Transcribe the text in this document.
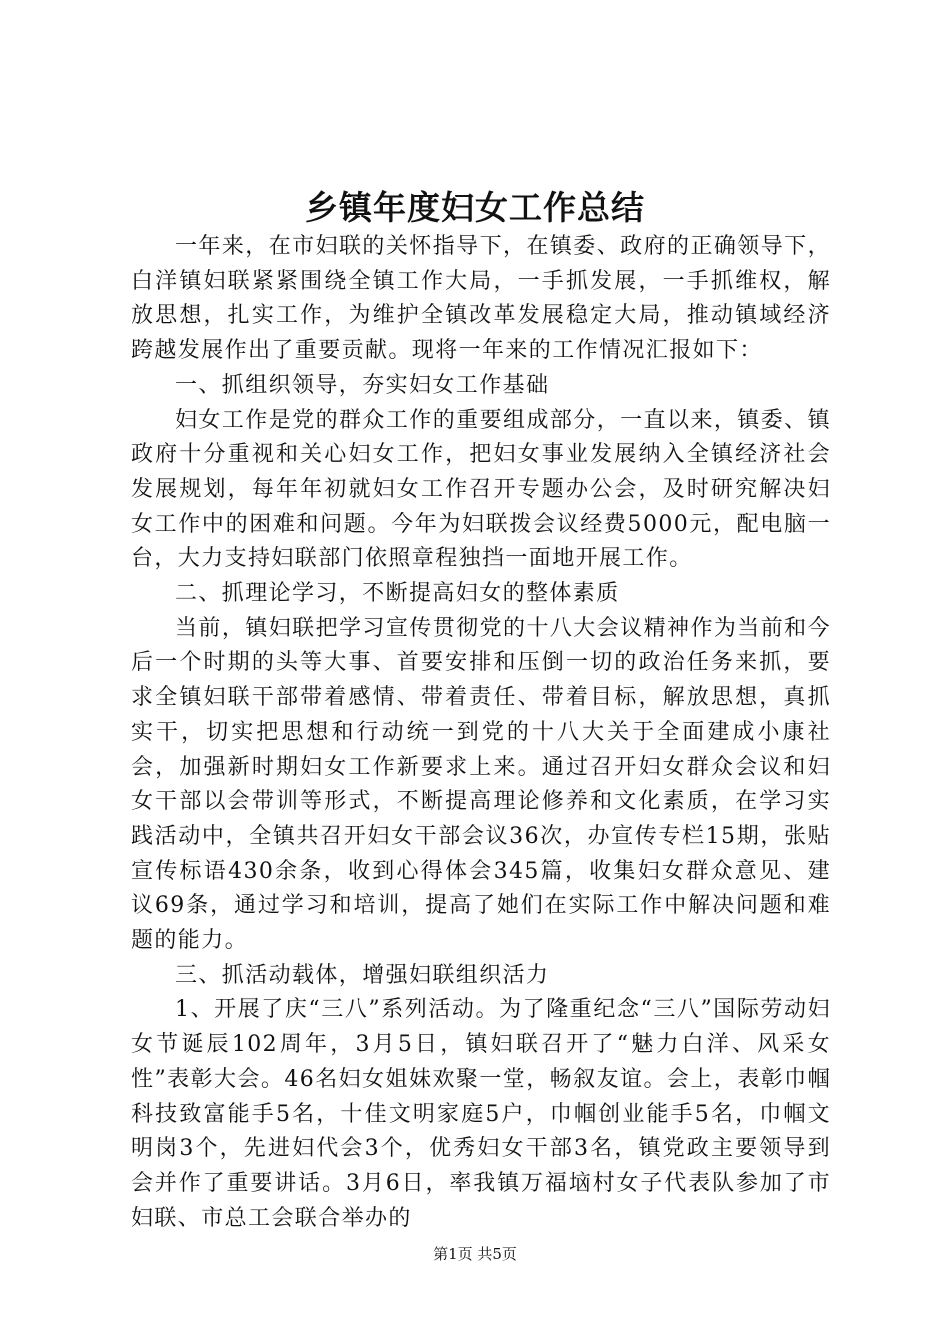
乡镇年度妇女工作总结

一年来，在市妇联的关怀指导下，在镇委、政府的正确领导下，白洋镇妇联紧紧围绕全镇工作大局，一手抓发展，一手抓维权，解放思想，扎实工作，为维护全镇改革发展稳定大局，推动镇域经济跨越发展作出了重要贡献。现将一年来的工作情况汇报如下：

一、抓组织领导，夯实妇女工作基础

妇女工作是党的群众工作的重要组成部分，一直以来，镇委、镇政府十分重视和关心妇女工作，把妇女事业发展纳入全镇经济社会发展规划，每年年初就妇女工作召开专题办公会，及时研究解决妇女工作中的困难和问题。今年为妇联拨会议经费5000元，配电脑一台，大力支持妇联部门依照章程独挡一面地开展工作。

二、抓理论学习，不断提高妇女的整体素质

当前，镇妇联把学习宣传贯彻党的十八大会议精神作为当前和今后一个时期的头等大事、首要安排和压倒一切的政治任务来抓，要求全镇妇联干部带着感情、带着责任、带着目标，解放思想，真抓实干，切实把思想和行动统一到党的十八大关于全面建成小康社会，加强新时期妇女工作新要求上来。通过召开妇女群众会议和妇女干部以会带训等形式，不断提高理论修养和文化素质，在学习实践活动中，全镇共召开妇女干部会议36次，办宣传专栏15期，张贴宣传标语430余条，收到心得体会345篇，收集妇女群众意见、建议69条，通过学习和培训，提高了她们在实际工作中解决问题和难题的能力。

三、抓活动载体，增强妇联组织活力

1、开展了庆“三八”系列活动。为了隆重纪念“三八”国际劳动妇女节诞辰102周年，3月5日，镇妇联召开了“魅力白洋、风采女性”表彰大会。46名妇女姐妹欢聚一堂，畅叙友谊。会上，表彰巾帼科技致富能手5名，十佳文明家庭5户，巾帼创业能手5名，巾帼文明岗3个，先进妇代会3个，优秀妇女干部3名，镇党政主要领导到会并作了重要讲话。3月6日，率我镇万福垴村女子代表队参加了市妇联、市总工会联合举办的

第1页 共5页
